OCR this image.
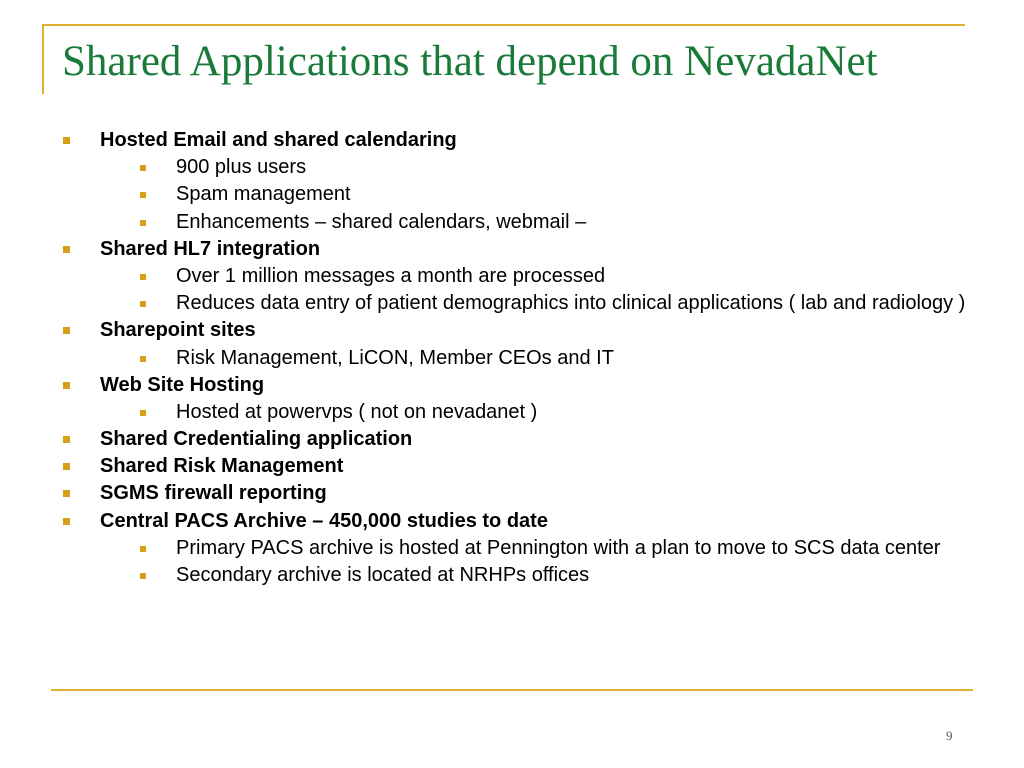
Shared Applications that depend on NevadaNet
Hosted Email and shared calendaring
900 plus users
Spam management
Enhancements – shared calendars, webmail –
Shared HL7 integration
Over 1 million messages a month are processed
Reduces data entry of patient demographics into clinical applications ( lab and radiology )
Sharepoint sites
Risk Management, LiCON, Member CEOs and IT
Web Site Hosting
Hosted at powervps ( not on nevadanet )
Shared Credentialing application
Shared Risk Management
SGMS firewall reporting
Central PACS Archive – 450,000 studies to date
Primary PACS archive is hosted at Pennington with a plan to move to SCS data center
Secondary archive is located at NRHPs offices
9
